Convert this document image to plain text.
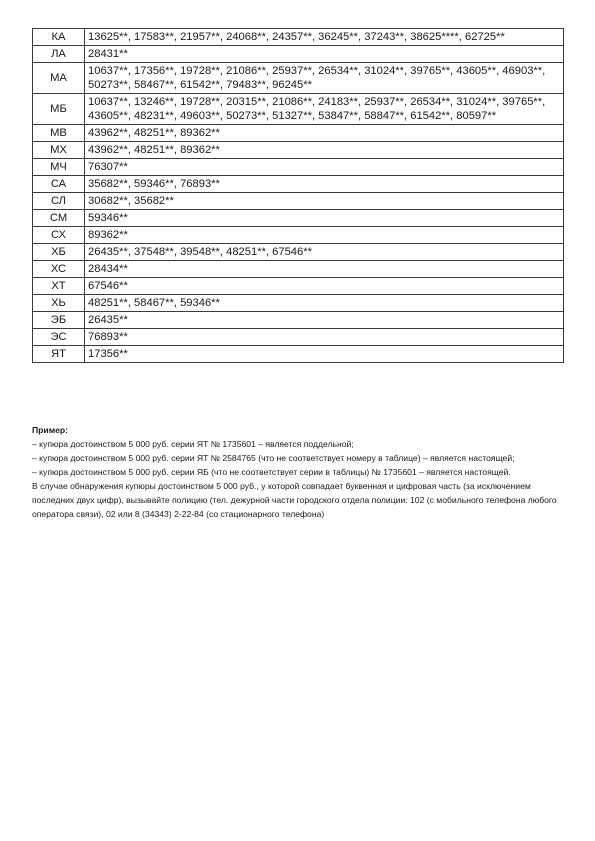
КА	13625**, 17583**, 21957**, 24068**, 24357**, 36245**, 37243**, 38625****, 62725**
ЛА	28431**
МА	10637**, 17356**, 19728**, 21086**, 25937**, 26534**, 31024**, 39765**, 43605**, 46903**, 50273**, 58467**, 61542**, 79483**, 96245**
МБ	10637**, 13246**, 19728**, 20315**, 21086**, 24183**, 25937**, 26534**, 31024**, 39765**, 43605**, 48231**, 49603**, 50273**, 51327**, 53847**, 58847**, 61542**, 80597**
МВ	43962**, 48251**, 89362**
МХ	43962**, 48251**, 89362**
МЧ	76307**
СА	35682**, 59346**, 76893**
СЛ	30682**, 35682**
СМ	59346**
СХ	89362**
ХБ	26435**, 37548**, 39548**, 48251**, 67546**
ХС	28434**
ХТ	67546**
ХЬ	48251**, 58467**, 59346**
ЭБ	26435**
ЭС	76893**
ЯТ	17356**

Пример:

– купюра достоинством 5 000 руб. серии ЯТ № 1735601 – является поддельной;

– купюра достоинством 5 000 руб. серии ЯТ № 2584765 (что не соответствует номеру в таблице) – является настоящей;

– купюра достоинством 5 000 руб. серии ЯБ (что не соответствует серии в таблицы) № 1735601 – является настоящей.

В случае обнаружения купюры достоинством 5 000 руб., у которой совпадает буквенная и цифровая часть (за исключением последних двух цифр), вызывайте полицию (тел. дежурной части городского отдела полиции: 102 (с мобильного телефона любого оператора связи), 02 или 8 (34343) 2-22-84 (со стационарного телефона)
